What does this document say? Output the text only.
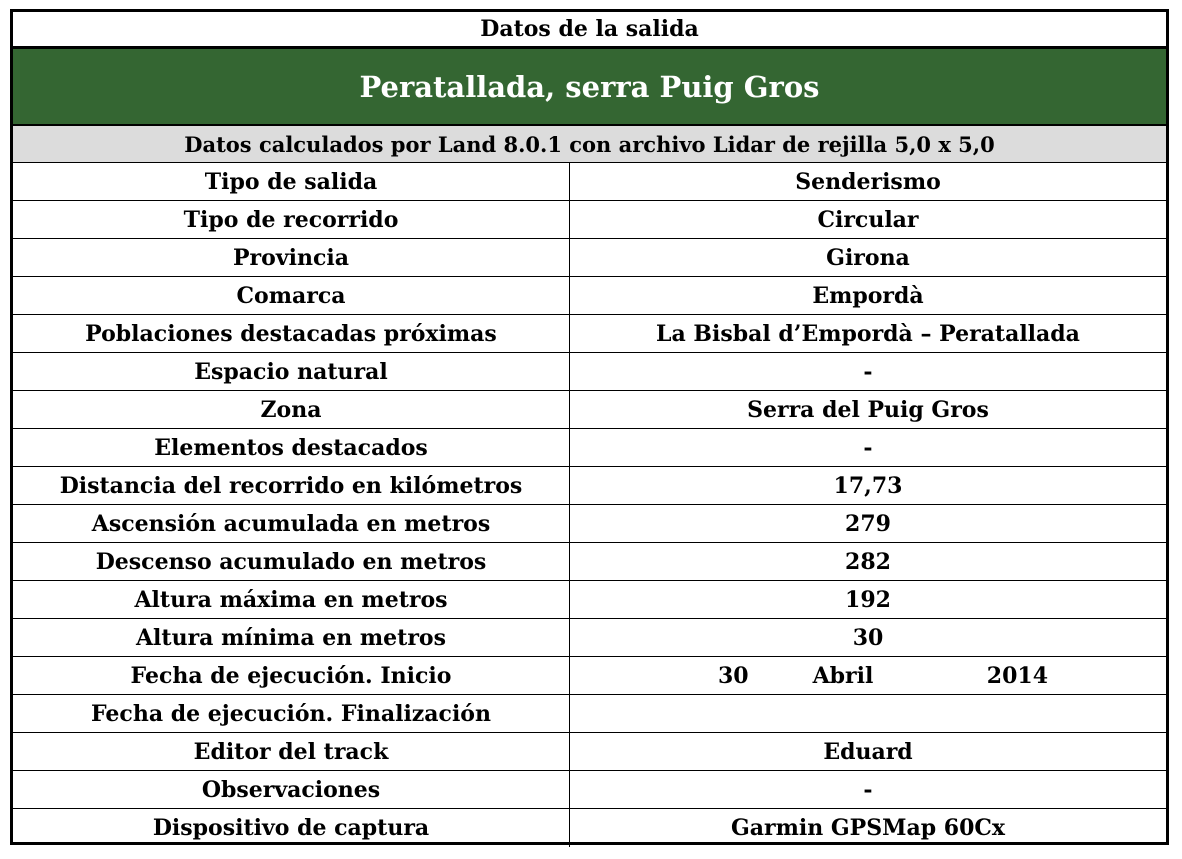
Datos de la salida
Peratallada, serra Puig Gros
Datos calculados por Land 8.0.1 con archivo Lidar de rejilla 5,0 x 5,0
Tipo de salida	Senderismo
Tipo de recorrido	Circular
Provincia	Girona
Comarca	Empordà
Poblaciones destacadas próximas	La Bisbal d’Empordà – Peratallada
Espacio natural	-
Zona	Serra del Puig Gros
Elementos destacados	-
Distancia del recorrido en kilómetros	17,73
Ascensión acumulada en metros	279
Descenso acumulado en metros	282
Altura máxima en metros	192
Altura mínima en metros	30
Fecha de ejecución. Inicio	30	Abril	2014
Fecha de ejecución. Finalización
Editor del track	Eduard
Observaciones	-
Dispositivo de captura	Garmin GPSMap 60Cx
